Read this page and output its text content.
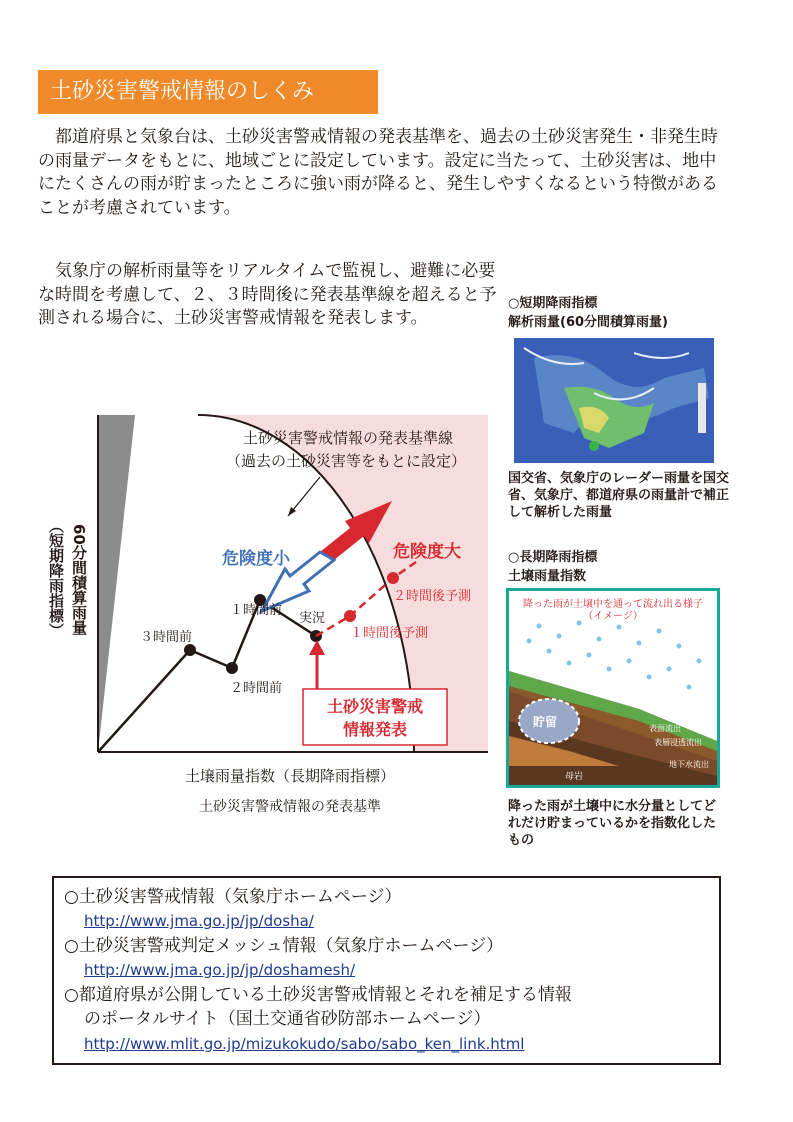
土砂災害警戒情報のしくみ

　都道府県と気象台は、土砂災害警戒情報の発表基準を、過去の土砂災害発生・非発生時の雨量データをもとに、地域ごとに設定しています。設定に当たって、土砂災害は、地中にたくさんの雨が貯まったところに強い雨が降ると、発生しやすくなるという特徴があることが考慮されています。

　気象庁の解析雨量等をリアルタイムで監視し、避難に必要な時間を考慮して、２、３時間後に発表基準線を超えると予測される場合に、土砂災害警戒情報を発表します。

土砂災害警戒情報の発表基準線
（過去の土砂災害等をもとに設定）
危険度小	危険度大
３時間前
２時間前
１時間前
実況
１時間後予測
２時間後予測
土砂災害警戒
情報発表
土壌雨量指数（長期降雨指標）
土砂災害警戒情報の発表基準
60分間積算雨量
（短期降雨指標）
○短期降雨指標
解析雨量(60分間積算雨量)
国交省、気象庁のレーダー雨量を国交省、気象庁、都道府県の雨量計で補正して解析した雨量
○長期降雨指標
土壌雨量指数
降った雨が土壌中を通って流れ出る様子
（イメージ）
貯留	表面流出
表層浸透流出
地下水流出
母岩
降った雨が土壌中に水分量としてどれだけ貯まっているかを指数化したもの
○土砂災害警戒情報（気象庁ホームページ）
http://www.jma.go.jp/jp/dosha/
○土砂災害警戒判定メッシュ情報（気象庁ホームページ）
http://www.jma.go.jp/jp/doshamesh/
○都道府県が公開している土砂災害警戒情報とそれを補足する情報
のポータルサイト（国土交通省砂防部ホームページ）
http://www.mlit.go.jp/mizukokudo/sabo/sabo_ken_link.html
